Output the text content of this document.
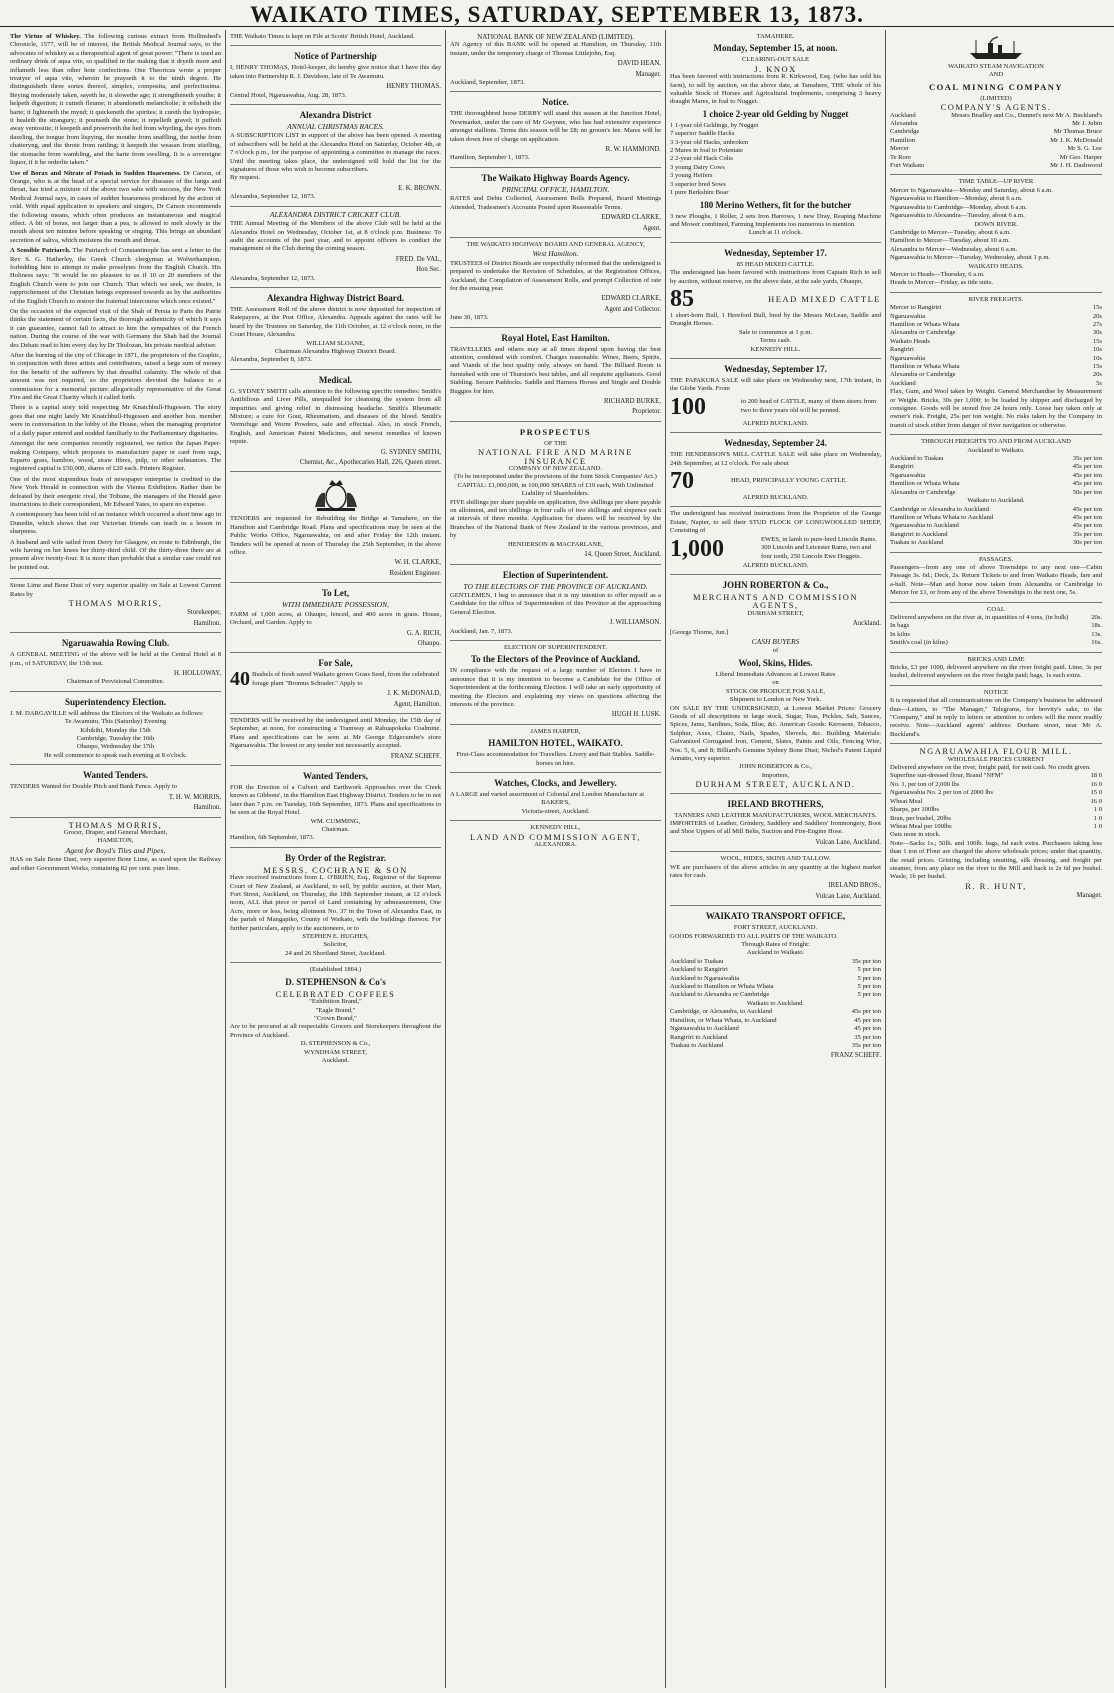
WAIKATO TIMES, SATURDAY, SEPTEMBER 13, 1873.

The Virtue of Whiskey. The following curious extract from Hollinshed's Chronicle, 1577, will be of interest, the British Medical Journal says, to the advocates of whiskey as a therapeutical agent of great power: "There is used an ordinary drink of aqua vite, so qualified in the making that it dryeth more and inflameth less than other hote confections. One Theoricus wrote a proper treatyse of aqua vite, wherein he prayseth it to the ninth degree. He distinguisheth three sortes thereof, simplex, composita, and perfectissima. Beying moderately taken, sayeth he, it slowethe age; it strengtheneth youthe; it helpeth digestion; it cutteth fleume; it abandoneth melancholie; it relisheth the harte; it lighteneth the mynd; it quickeneth the spirites; it cureth the hydropsie; it healeth the strangury; it pounseth the stone; it repelleth gravel; it puffeth away ventositie; it keepeth and preserveth the hed from whyrling, the eyes from dazeling, the tongue from lispying, the mouthe from snaffling, the teethe from chatteryng, and the throte from rattling; it keepeth the weasan from stiefling, the stomache from wambling, and the harte from swelling. It is a sovereigne liquor, if it be orderlie taken."

Use of Borax and Nitrate of Potash in Sudden Hoarseness. Dr Carson, of Orange, who is at the head of a special service for diseases of the lungs and throat, has tried a mixture of the above two salts with success, the New York Medical Journal says, in cases of sudden hoarseness produced by the action of cold. With equal application to speakers and singers, Dr Carson recommends the following means, which often produces an instantaneous and magical effect. A bit of borax, not larger than a pea, is allowed to melt slowly in the mouth about ten minutes before speaking or singing. This brings an abundant secretion of saliva, which moistens the mouth and throat.

A Sensible Patriarch. The Patriarch of Constantinople has sent a letter to the Rev S. G. Hatherley, the Greek Church clergyman at Wolverhampton, forbidding him to attempt to make proselytes from the English Church. His Holiness says: "It would be no pleasure to us if 10 or 20 members of the English Church were to join our Church. That which we seek, we desire, is rapprochement of the Christian beings expressed towards us by the authorities of the English Church to restore the fraternal intercourse which once existed."

On the occasion of the expected visit of the Shah of Persia to Paris the Patrie thinks the statement of certain facts, the thorough authenticity of which it says it can guarantee, cannot fail to attract to him the sympathies of the French nation. During the course of the war with Germany the Shah had the Journal des Debats read to him every day by Dr Tholozan, his private medical adviser.

After the burning of the city of Chicago in 1871, the proprietors of the Graphic, in conjunction with three artists and contributors, raised a large sum of money for the benefit of the sufferers by that dreadful calamity. The whole of that amount was not required, so the proprietors devoted the balance to a commission for a memorial picture allegorically representative of the Great Fire and the Great Charity which it called forth.

There is a capital story told respecting Mr Knatchbull-Hugessen. The story goes that one night lately Mr Knatchbull-Hugessen and another hon. member were in conversation in the lobby of the House, when the managing proprietor of a daily paper entered and nodded familiarly to the Parliamentary dignitaries.

Amongst the new companies recently registered, we notice the Japan Paper-making Company, which proposes to manufacture paper or card from rags, Esparto grass, bamboo, wood, straw fibres, pulp, or other substances. The registered capital is £50,000, shares of £20 each. Printers Register.

One of the most stupendous feats of newspaper enterprise is credited to the New York Herald in connection with the Vienna Exhibition. Rather than be defeated by their energetic rival, the Tribune, the managers of the Herald gave instructions to their correspondent, Mr Edward Yates, to spare no expense.

A contemporary has been told of an instance which occurred a short time ago in Dunedin, which shows that our Victorian friends can teach us a lesson in sharpness.

A husband and wife sailed from Derry for Glasgow, en route to Edinburgh, the wife having on her knees her thirty-third child. Of the thirty-three there are at present alive twenty-four. It is more than probable that a similar case could not be pointed out.

Stone Lime and Bone Dust of very superior quality on Sale at Lowest Current Rates by
THOMAS MORRIS,
Storekeeper,
Hamilton.
Ngaruawahia Rowing Club.
A GENERAL MEETING of the above will be held at the Central Hotel at 8 p.m., of SATURDAY, the 13th inst.
H. HOLLOWAY,
Chairman of Provisional Committee.
Superintendency Election.
J. M. DARGAVILLE will address the Electors of the Waikato as follows:
Te Awamutu, This (Saturday) Evening
Kihikihi, Monday the 15th
Cambridge, Tuesday the 16th
Ohaupo, Wednesday the 17th
He will commence to speak each evening at 8 o'clock.
Wanted Tenders.
TENDERS Wanted for Double Pitch and Bank Fence. Apply to
T. H. W. MORRIS,
Hamilton.
THOMAS MORRIS,
Grocer, Draper, and General Merchant,
HAMILTON,
Agent for Boyd's Tiles and Pipes,
HAS on Sale Bone Dust, very superior Bone Lime, as used upon the Railway and other Government Works, containing 82 per cent. pure lime.
THE Waikato Times is kept on File at Scotts' British Hotel, Auckland.
Notice of Partnership
I, HENRY THOMAS, Hotel-keeper, do hereby give notice that I have this day taken into Partnership R. J. Davidson, late of Te Awamutu.
HENRY THOMAS.
Central Hotel, Ngaruawahia, Aug. 28, 1873.
Alexandra District
ANNUAL CHRISTMAS RACES.
A SUBSCRIPTION LIST in support of the above has been opened. A meeting of subscribers will be held at the Alexandra Hotel on Saturday, October 4th, at 7 o'clock p.m., for the purpose of appointing a committee to manage the races. Until the meeting takes place, the undersigned will hold the list for the signatures of those who wish to become subscribers.
By request.
E. K. BROWN.
Alexandra, September 12, 1873.
ALEXANDRA DISTRICT CRICKET CLUB.
THE Annual Meeting of the Members of the above Club will be held at the Alexandra Hotel on Wednesday, October 1st, at 8 o'clock p.m. Business: To audit the accounts of the past year, and to appoint officers to conduct the management of the Club during the coming season.
FRED. De VAL,
Hon Sec.
Alexandra, September 12, 1873.
Alexandra Highway District Board.
THE Assessment Roll of the above district is now deposited for inspection of Ratepayers, at the Post Office, Alexandra. Appeals against the rates will be heard by the Trustees on Saturday, the 11th October, at 12 o'clock noon, in the Court House, Alexandra.
WILLIAM SLOANE,
Chairman Alexandra Highway District Board.
Alexandra, September 8, 1873.
Medical.
G. SYDNEY SMITH calls attention to the following specific remedies: Smith's Antibilious and Liver Pills, unequalled for cleansing the system from all impurities and giving relief in distressing headache. Smith's Rheumatic Mixture; a cure for Gout, Rheumatism, and diseases of the blood. Smith's Vermifuge and Worm Powders, safe and effectual. Also, in stock French, English, and American Patent Medicines, and newest remedies of known repute.
G. SYDNEY SMITH,
Chemist, &c., Apothecaries Hall, 226, Queen street.
TENDERS are requested for Rebuilding the Bridge at Tamahere, on the Hamilton and Cambridge Road. Plans and specifications may be seen at the Public Works Office, Ngaruawahia, on and after Friday the 12th instant. Tenders will be opened at noon of Thursday the 25th September, in the above office.
W. H. CLARKE,
Resident Engineer.
To Let,
WITH IMMEDIATE POSSESSION,
FARM of 1,000 acres, at Ohaupo, fenced, and 400 acres in grass. House, Orchard, and Garden. Apply to
G. A. RICH,
Ohaupo.
For Sale,
40 Bushels of fresh saved Waikato grown Grass Seed, from the celebrated forage plant "Bromus Schrader." Apply to
J. K. McDONALD,
Agent, Hamilton.
TENDERS will be received by the undersigned until Monday, the 15th day of September, at noon, for constructing a Tramway at Rahuapokeka Coalmine. Plans and specifications can be seen at Mr George Edgecumbe's store Ngaruawahia. The lowest or any tender not necessarily accepted.
FRANZ SCHEFF.
Wanted Tenders,
FOR the Erection of a Culvert and Earthwork Approaches over the Creek known as Gibbons', in the Hamilton East Highway District. Tenders to be in not later than 7 p.m. on Tuesday, 16th September, 1873. Plans and specifications to be seen at the Royal Hotel.
WM. CUMMING,
Chairman.
Hamilton, 6th September, 1873.
By Order of the Registrar.
MESSRS. COCHRANE & SON
Have received instructions from L. O'BRIEN, Esq., Registrar of the Supreme Court of New Zealand, at Auckland, to sell, by public auction, at their Mart, Fort Street, Auckland, on Thursday, the 18th September instant, at 12 o'clock noon, ALL that piece or parcel of Land containing by admeasurement, One Acre, more or less, being allotment No. 37 in the Town of Alexandra East, in the parish of Mangapiko, County of Waikato, with the buildings thereon. For further particulars, apply to the auctioneers, or to
STEPHEN E. HUGHES,
Solicitor,
24 and 26 Shortland Street, Auckland.
(Established 1864.)
D. STEPHENSON & Co's
CELEBRATED COFFEES
"Exhibition Brand,"
"Eagle Brand,"
"Crown Brand,"
Are to be procured at all respectable Grocers and Storekeepers throughout the Province of Auckland.
D. STEPHENSON & Co.,
WYNDHAM STREET,
Auckland.
NATIONAL BANK OF NEW ZEALAND (LIMITED).
AN Agency of this BANK will be opened at Hamilton, on Thursday, 11th instant, under the temporary charge of Thomas Littlejohn, Esq.
DAVID HEAN,
Manager.
Auckland, September, 1873.
Notice.
THE thoroughbred horse DERBY will stand this season at the Junction Hotel, Newmarket, under the care of Mr Gwynne, who has had extensive experience amongst stallions. Terms this season will be £8; no groom's fee. Mares will be taken down free of charge on application.
R. W. HAMMOND.
Hamilton, September 1, 1873.
The Waikato Highway Boards Agency.
PRINCIPAL OFFICE, HAMILTON.
RATES and Debts Collected, Assessment Rolls Prepared, Board Meetings Attended, Tradesmen's Accounts Posted upon Reasonable Terms.
EDWARD CLARKE,
Agent.
THE WAIKATO HIGHWAY BOARD AND GENERAL AGENCY,
West Hamilton.
TRUSTEES of District Boards are respectfully informed that the undersigned is prepared to undertake the Revision of Schedules, at the Registration Offices, Auckland, the Compilation of Assessment Rolls, and prompt Collection of rate for the ensuing year.
EDWARD CLARKE,
Agent and Collector.
June 30, 1873.
Royal Hotel, East Hamilton.
TRAVELLERS and others may at all times depend upon having the best attention, combined with comfort. Charges reasonable. Wines, Beers, Spirits, and Viands of the best quality only, always on hand. The Billiard Room is furnished with one of Thurston's best tables, and all requisite appliances. Good Stabling. Secure Paddocks. Saddle and Harness Horses and Single and Double Buggies for hire.
RICHARD BURKE,
Proprietor.
PROSPECTUS
OF THE
NATIONAL FIRE AND MARINE INSURANCE
COMPANY OF NEW ZEALAND.
(To be incorporated under the provisions of the Joint Stock Companies' Act.)
CAPITAL: £1,000,000, in 100,000 SHARES of £10 each, With Unlimited Liability of Shareholders.
FIVE shillings per share payable on application, five shillings per share payable on allotment, and ten shillings in four calls of two shillings and sixpence each at intervals of three months. Application for shares will be received by the Branches of the National Bank of New Zealand in the various provinces, and by
HENDERSON & MACFARLANE,
14, Queen Street, Auckland.
Election of Superintendent.
TO THE ELECTORS OF THE PROVINCE OF AUCKLAND.
GENTLEMEN, I beg to announce that it is my intention to offer myself as a Candidate for the office of Superintendent of this Province at the approaching General Election.
J. WILLIAMSON.
Auckland, Jan. 7, 1873.
ELECTION OF SUPERINTENDENT.
To the Electors of the Province of Auckland.
IN compliance with the request of a large number of Electors I have to announce that it is my intention to become a Candidate for the Office of Superintendent at the forthcoming Election. I will take an early opportunity of meeting the Electors and explaining my views on questions affecting the interests of the province.
HUGH H. LUSK.
JAMES HARPER,
HAMILTON HOTEL, WAIKATO.
First-Class accommodation for Travellers. Livery and Bait Stables. Saddle-horses on hire.
Watches, Clocks, and Jewellery.
A LARGE and varied assortment of Colonial and London Manufacture at
BAKER'S,
Victoria-street, Auckland.
KENNEDY HILL,
LAND AND COMMISSION AGENT,
ALEXANDRA.
TAMAHERE.
Monday, September 15, at noon.
CLEARING-OUT SALE
J. KNOX
Has been favored with instructions from R. Kirkwood, Esq. (who has sold his farm), to sell by auction, on the above date, at Tamahere, THE whole of his valuable Stock of Horses and Agricultural Implements, comprising 3 heavy draught Mares, in foal to Nugget.
1 choice 2-year old Gelding by Nugget
1 1-year old Geldings, by Nugget
7 superior Saddle Hacks
3 3-year old Hacks, unbroken
2 Mares in foal to Potentate
2 2-year old Hack Colts
3 young Dairy Cows
3 young Heifers
3 superior bred Sows
1 pure Berkshire Boar
180 Merino Wethers, fit for the butcher
3 new Ploughs, 1 Roller, 2 sets Iron Harrows, 1 new Dray, Reaping Machine and Mower combined, Farming Implements too numerous to mention.
Lunch at 11 o'clock.
Wednesday, September 17.
85 HEAD MIXED CATTLE.
The undersigned has been favored with instructions from Captain Rich to sell by auction, without reserve, on the above date, at the sale yards, Ohaupo,
85	HEAD MIXED CATTLE
1 short-horn Bull, 1 Hereford Bull, bred by the Messrs McLean, Saddle and Draught Horses.
Sale to commence at 1 p.m.
Terms cash.
KENNEDY HILL.
Wednesday, September 17.
THE PAPAKURA SALE will take place on Wednesday next, 17th instant, in the Globe Yards. From
100	to 200 head of CATTLE, many of them steers from two to three years old will be penned.
ALFRED BUCKLAND.
Wednesday, September 24.
THE HENDERSON'S MILL CATTLE SALE will take place on Wednesday, 24th September, at 12 o'clock. For sale about
70	HEAD, PRINCIPALLY YOUNG CATTLE.
ALFRED BUCKLAND.
The undersigned has received instructions from the Proprietor of the Grange Estate, Napier, to sell their STUD FLOCK OF LONGWOOLLED SHEEP, Consisting of
1,000	EWES, in lamb to pure-bred Lincoln Rams. 300 Lincoln and Leicester Rams, two and four tooth, 250 Lincoln Ewe Hoggets.
ALFRED BUCKLAND.
JOHN ROBERTON & Co.,
MERCHANTS AND COMMISSION AGENTS,
DURHAM STREET,
Auckland.
[George Thorne, Jun.]
CASH BUYERS
of
Wool, Skins, Hides.
Liberal Immediate Advances at Lowest Rates
on
STOCK OR PRODUCE FOR SALE,
Shipment to London or New York.
ON SALE BY THE UNDERSIGNED, at Lowest Market Prices: Grocery Goods of all descriptions in large stock, Sugar, Teas, Pickles, Salt, Sauces, Spices, Jams, Sardines, Soda, Blue, &c. American Goods: Kerosene, Tobacco, Sulphur, Axes, Chairs, Nails, Spades, Shovels, &c. Building Materials: Galvanized Corrugated Iron, Cement, Slates, Paints and Oils, Fencing Wire, Nos. 5, 6, and 8; Billiard's Genuine Sydney Bone Dust; Nichol's Patent Liquid Annatto, very superior.
JOHN ROBERTON & Co.,
Importers,
DURHAM STREET, AUCKLAND.
IRELAND BROTHERS,
TANNERS AND LEATHER MANUFACTURERS, WOOL MERCHANTS.
IMPORTERS of Leather, Grindery, Saddlery and Saddlers' Ironmongery, Boot and Shoe Uppers of all Mill Belts, Suction and Fire-Engine Hose.
Vulcan Lane, Auckland.
WOOL, HIDES, SKINS AND TALLOW.
WE are purchasers of the above articles in any quantity at the highest market rates for cash.
IRELAND BROS.,
Vulcan Lane, Auckland.
WAIKATO TRANSPORT OFFICE,
FORT STREET, AUCKLAND.
GOODS FORWARDED TO ALL PARTS OF THE WAIKATO.
Through Rates of Freight:
Auckland to Waikato.
Auckland to Tuakau	35s per ton
Auckland to Rangiriri	5 per ton
Auckland to Ngaruawahia	5 per ton
Auckland to Hamilton or Whata Whata	5 per ton
Auckland to Alexandra or Cambridge	5 per ton
Waikato to Auckland.
Cambridge, or Alexandra, to Auckland	45s per ton
Hamilton, or Whata Whata, to Auckland	45 per ton
Ngaruawahia to Auckland	45 per ton
Rangiriri to Auckland	35 per ton
Tuakau to Auckland	35s per ton
FRANZ SCHEFF.
WAIKATO STEAM NAVIGATION
AND
COAL MINING COMPANY
(LIMITED)
COMPANY'S AGENTS.
Auckland	Messrs Bradley and Co., Dunnet's next Mr A. Buckland's
Alexandra	Mr J. Jubin
Cambridge	Mr Thomas Bruce
Hamilton	Mr J. K. McDonald
Mercer	Mr S. G. Lee
Te Rore	Mr Geo. Harper
Fort Waikato	Mr J. H. Dashwood
TIME TABLE—UP RIVER
Mercer to Ngaruawahia—Monday and Saturday, about 6 a.m.
Ngaruawahia to Hamilton—Monday, about 6 a.m.
Ngaruawahia to Cambridge—Monday, about 6 a.m.
Ngaruawahia to Alexandra—Tuesday, about 6 a.m.
DOWN RIVER.
Cambridge to Mercer—Tuesday, about 6 a.m.
Hamilton to Mercer—Tuesday, about 10 a.m.
Alexandra to Mercer—Wednesday, about 6 a.m.
Ngaruawahia to Mercer—Tuesday, Wednesday, about 1 p.m.
WAIKATO HEADS.
Mercer to Heads—Thursday, 6 a.m.
Heads to Mercer—Friday, as tide suits.
RIVER FREIGHTS.
Mercer to Rangiriri	15s
Ngaruawahia	20s
Hamilton or Whata Whata	27s
Alexandra or Cambridge	30s
Waikato Heads	15s
Rangiriri	10s
Ngaruawahia	10s
Hamilton or Whata Whata	15s
Alexandra or Cambridge	20s
Auckland	5s
Flax, Gum, and Wool taken by Weight. General Merchandise by Measurement or Weight. Bricks, 30s per 1,000; to be loaded by shipper and discharged by consignee. Goods will be stored free 24 hours only. Loose hay taken only at owner's risk. Freight, 25s per ton weight. No risks taken by the Company in transit of stock either from danger of river navigation or otherwise.
THROUGH FREIGHTS TO AND FROM AUCKLAND
Auckland to Waikato.
Auckland to Tuakau	35s per ton
Rangiriri	45s per ton
Ngaruawahia	45s per ton
Hamilton or Whata Whata	45s per ton
Alexandra or Cambridge	50s per ton
Waikato to Auckland.
Cambridge or Alexandra to Auckland	45s per ton
Hamilton or Whata Whata to Auckland	45s per ton
Ngaruawahia to Auckland	45s per ton
Rangiriri to Auckland	35s per ton
Tuakau to Auckland	30s per ton
PASSAGES.
Passengers—from any one of above Townships to any next one—Cabin Passage 3s. 6d.; Deck, 2s. Return Tickets to and from Waikato Heads, fare and a-half. Note—Man and horse now taken from Alexandra or Cambridge to Mercer for £1, or from any of the above Townships to the next one, 5s.
COAL
Delivered anywhere on the river at, in quantities of 4 tons, (in bulk)	20s.
In bags	18s.
In kilns	13s.
Smith's coal (in kilns)	16s.
BRICKS AND LIME
Bricks, £3 per 1000, delivered anywhere on the river freight paid. Lime, 3s per bushel, delivered anywhere on the river freight paid; bags, 1s each extra.
NOTICE
It is requested that all communications on the Company's business be addressed thus—Letters, to "The Manager," Telegrams, for brevity's sake, to the "Company," and in reply to letters or attention to orders will the more readily receive. Note—Auckland agents' address: Durham street, near Mr A. Buckland's.
NGARUAWAHIA FLOUR MILL.
WHOLESALE PRICES CURRENT
Delivered anywhere on the river, freight paid, for nett cash. No credit given.
Superfine sun-dressed flour, Brand "NFM"	18 0
No. 1, per ton of 2,000 lbs	16 0
Ngaruawahia No. 2 per ton of 2000 lbs	15 0
Wheat Meal	16 0
Sharps, per 100lbs	1 0
Bran, per bushel, 20lbs	1 0
Wheat Meal per 100lbs	1 0
Oats none in stock.
Note—Sacks 1s.; 50lb. and 100lb. bags, 6d each extra. Purchasers taking less than 1 ton of Flour are charged the above wholesale prices; under that quantity, the retail prices. Gristing, including smutting, silk dressing, and freight per steamer, from any place on the river to the Mill and back is 2s 6d per bushel. Wasle, 1b per bushel.
R. R. HUNT,
Manager.
